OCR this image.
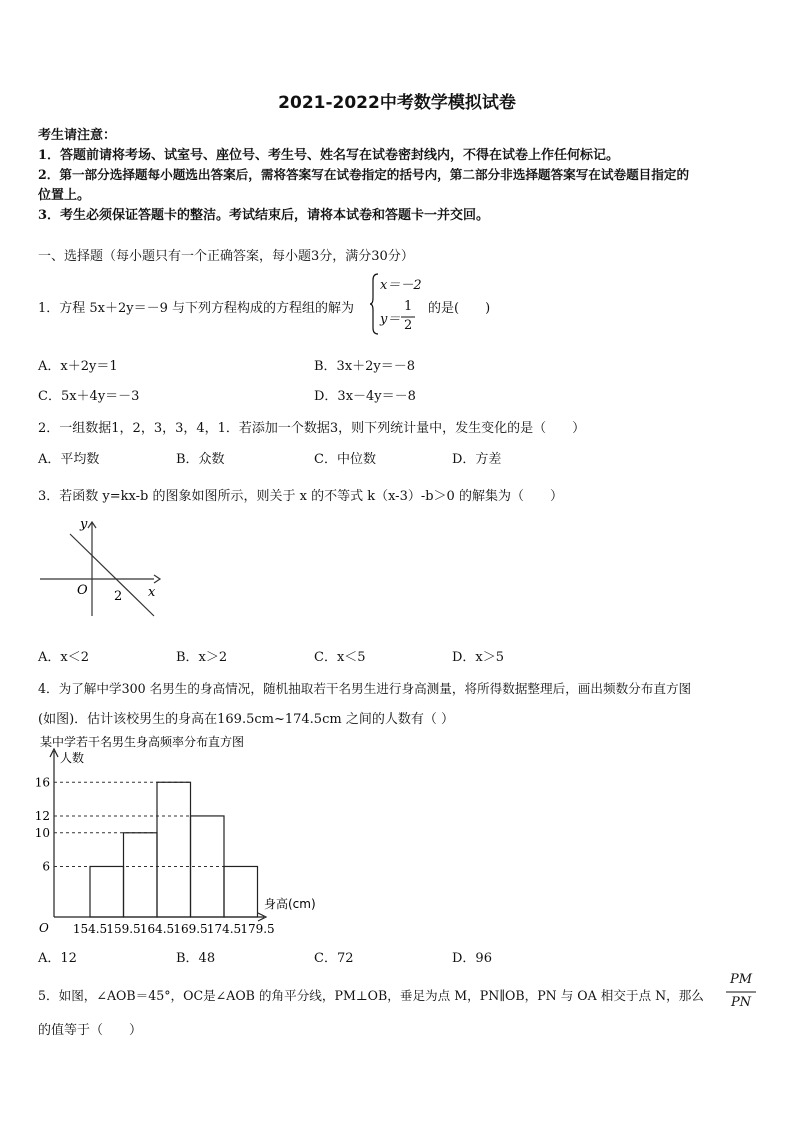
2021-2022中考数学模拟试卷
考生请注意：
1．答题前请将考场、试室号、座位号、考生号、姓名写在试卷密封线内，不得在试卷上作任何标记。
2．第一部分选择题每小题选出答案后，需将答案写在试卷指定的括号内，第二部分非选择题答案写在试卷题目指定的
位置上。
3．考生必须保证答题卡的整洁。考试结束后，请将本试卷和答题卡一并交回。
一、选择题（每小题只有一个正确答案，每小题3分，满分30分）
1．方程 5x＋2y＝－9 与下列方程构成的方程组的解为
x＝－2
y＝
1
2
的是(　　)
A．x＋2y＝1	B．3x＋2y＝－8
C．5x＋4y＝－3	D．3x－4y＝－8
2．一组数据1，2，3，3，4，1．若添加一个数据3，则下列统计量中，发生变化的是（　　）
A．平均数	B．众数	C．中位数	D．方差
3．若函数 y=kx-b 的图象如图所示，则关于 x 的不等式 k（x-3）-b＞0 的解集为（　　）
y
x
O 2
A．x＜2	B．x＞2	C．x＜5	D．x＞5
4．为了解中学300 名男生的身高情况，随机抽取若干名男生进行身高测量，将所得数据整理后，画出频数分布直方图
(如图)．估计该校男生的身高在169.5cm~174.5cm 之间的人数有（ ）
某中学若干名男生身高频率分布直方图
人数
身高(cm)
O
6
10
12
16
154.5 159.5 164.5 169.5 174.5 179.5
A．12	B．48	C．72	D．96
5．如图，∠AOB＝45°，OC是∠AOB 的角平分线，PM⊥OB，垂足为点 M，PN∥OB，PN 与 OA 相交于点 N，那么
PM
PN
的值等于（　　）
